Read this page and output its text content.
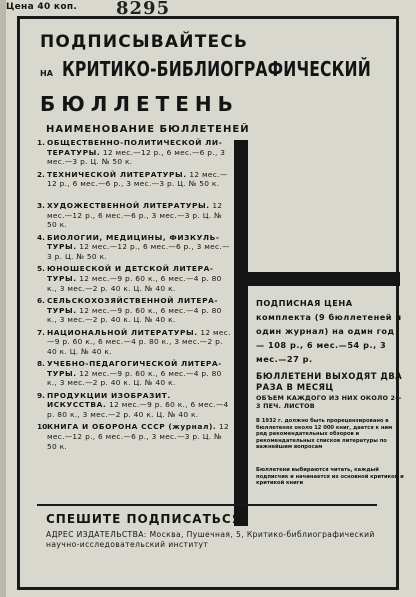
Цена 40 коп. 8295
ПОДПИСЫВАЙТЕСЬ
НА КРИТИКО-БИБЛИОГРАФИЧЕСКИЙ
БЮЛЛЕТЕНЬ
НАИМЕНОВАНИЕ БЮЛЛЕТЕНЕЙ
1. ОБЩЕСТВЕННО-ПОЛИТИЧЕСКОЙ ЛИ-ТЕРАТУРЫ. 12 мес.—12 р., 6 мес.—6 р., 3 мес.—3 р. Ц. № 50 к.
2. ТЕХНИЧЕСКОЙ ЛИТЕРАТУРЫ. 12 мес.—12 р., 6 мес.—6 р., 3 мес.—3 р. Ц. № 50 к.
3. ХУДОЖЕСТВЕННОЙ ЛИТЕРАТУРЫ. 12 мес.—12 р., 6 мес.—6 р., 3 мес.—3 р. Ц. № 50 к.
4. БИОЛОГИИ, МЕДИЦИНЫ, ФИЗКУЛЬ-ТУРЫ. 12 мес.—12 р., 6 мес.—6 р., 3 мес.—3 р. Ц. № 50 к.
5. ЮНОШЕСКОЙ И ДЕТСКОЙ ЛИТЕРА-ТУРЫ. 12 мес.—9 р. 60 к., 6 мес.—4 р. 80 к., 3 мес.—2 р. 40 к. Ц. № 40 к.
6. СЕЛЬСКОХОЗЯЙСТВЕННОЙ ЛИТЕРА-ТУРЫ. 12 мес.—9 р. 60 к., 6 мес.—4 р. 80 к., 3 мес.—2 р. 40 к. Ц. № 40 к.
7. НАЦИОНАЛЬНОЙ ЛИТЕРАТУРЫ. 12 мес.—9 р. 60 к., 6 мес.—4 р. 80 к., 3 мес.—2 р. 40 к. Ц. № 40 к.
8. УЧЕБНО-ПЕДАГОГИЧЕСКОЙ ЛИТЕРА-ТУРЫ. 12 мес.—9 р. 60 к., 6 мес.—4 р. 80 к., 3 мес.—2 р. 40 к. Ц. № 40 к.
9. ПРОДУКЦИИ ИЗОБРАЗИТ. ИСКУССТВА. 12 мес.—9 р. 60 к., 6 мес.—4 р. 80 к., 3 мес.—2 р. 40 к. Ц. № 40 к.
10.
КНИГА И ОБОРОНА СССР (журнал). 12 мес.—12 р., 6 мес.—6 р., 3 мес.—3 р. Ц. № 50 к.
ПОДПИСНАЯ ЦЕНА комплекта (9 бюллетеней и один журнал) на один год — 108 р., 6 мес.—54 р., 3 мес.—27 р.
БЮЛЛЕТЕНИ ВЫХОДЯТ ДВА РАЗА В МЕСЯЦ
ОБЪЕМ КАЖДОГО ИЗ НИХ ОКОЛО 2—3 ПЕЧ. ЛИСТОВ
В 1932 г. должно быть прорецензировано в бюллетенях около 12 000 книг, дается к ним ряд рекомендательных обзоров и рекомендательных списков литературы по важнейшим вопросам
Бюллетени выбираются читать, каждый подписчик и начинается их основной критикой и критикой книги
СПЕШИТЕ ПОДПИСАТЬСЯ
АДРЕС ИЗДАТЕЛЬСТВА: Москва, Пушечная, 5, Критико-библиографический научно-исследовательский институт
